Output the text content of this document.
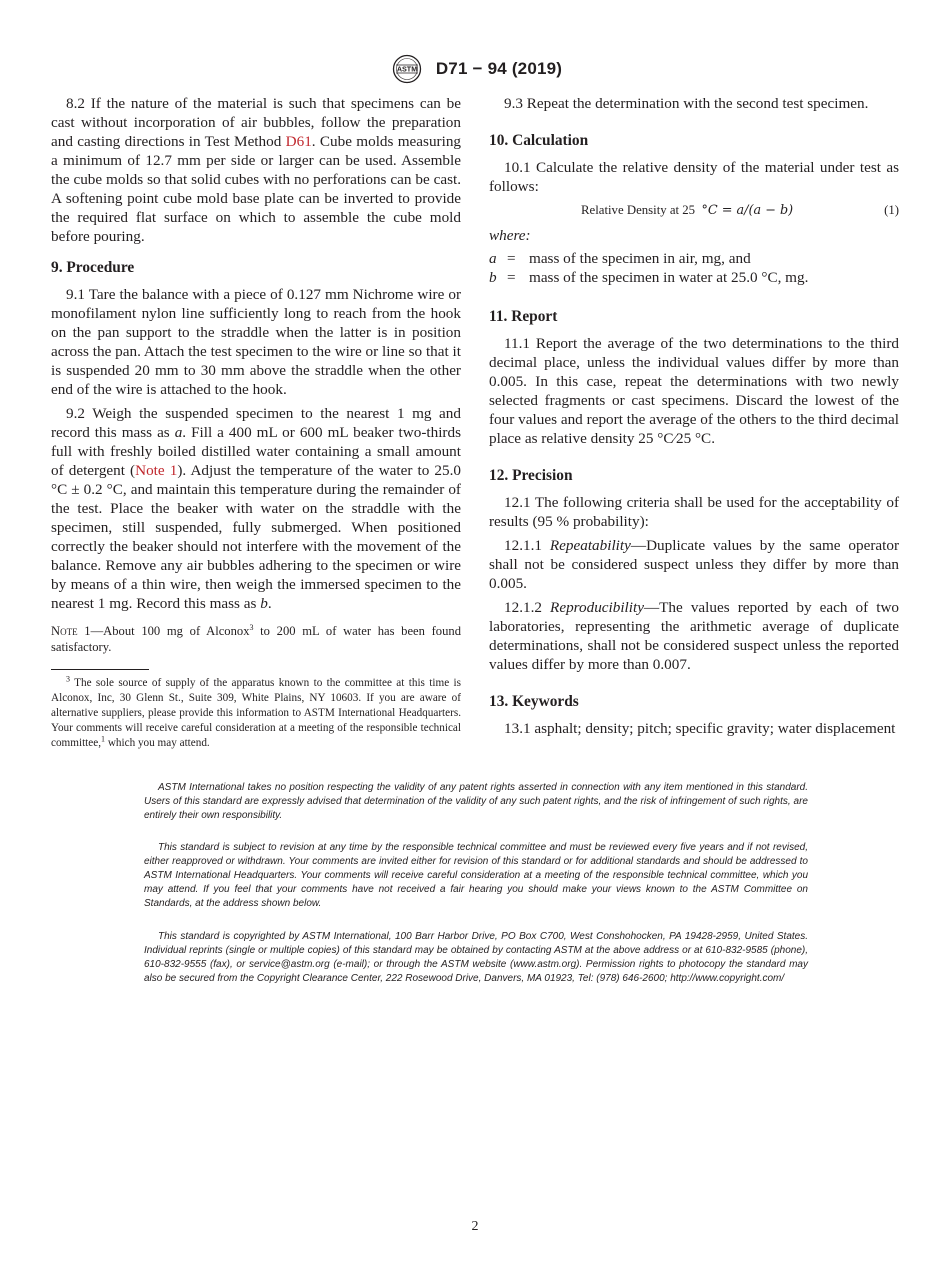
ASTM D71 − 94 (2019)

8.2 If the nature of the material is such that specimens can be cast without incorporation of air bubbles, follow the preparation and casting directions in Test Method D61. Cube molds measuring a minimum of 12.7 mm per side or larger can be used. Assemble the cube molds so that solid cubes with no perforations can be cast. A softening point cube mold base plate can be inverted to provide the required flat surface on which to assemble the cube mold before pouring.

9. Procedure

9.1 Tare the balance with a piece of 0.127 mm Nichrome wire or monofilament nylon line sufficiently long to reach from the hook on the pan support to the straddle when the latter is in position across the pan. Attach the test specimen to the wire or line so that it is suspended 20 mm to 30 mm above the straddle when the other end of the wire is attached to the hook.

9.2 Weigh the suspended specimen to the nearest 1 mg and record this mass as a. Fill a 400 mL or 600 mL beaker two-thirds full with freshly boiled distilled water containing a small amount of detergent (Note 1). Adjust the temperature of the water to 25.0 °C ± 0.2 °C, and maintain this temperature during the remainder of the test. Place the beaker with water on the straddle with the specimen, still suspended, fully submerged. When positioned correctly the beaker should not interfere with the movement of the balance. Remove any air bubbles adhering to the specimen or wire by means of a thin wire, then weigh the immersed specimen to the nearest 1 mg. Record this mass as b.

Note 1—About 100 mg of Alconox$^3$ to 200 mL of water has been found satisfactory.

$^3$ The sole source of supply of the apparatus known to the committee at this time is Alconox, Inc, 30 Glenn St., Suite 309, White Plains, NY 10603. If you are aware of alternative suppliers, please provide this information to ASTM International Headquarters. Your comments will receive careful consideration at a meeting of the responsible technical committee,$^1$ which you may attend.

9.3 Repeat the determination with the second test specimen.

10. Calculation

10.1 Calculate the relative density of the material under test as follows:

Relative Density at 25 °C = a/(a − b)	(1)

where:

a = mass of the specimen in air, mg, and
b = mass of the specimen in water at 25.0 °C, mg.

11. Report

11.1 Report the average of the two determinations to the third decimal place, unless the individual values differ by more than 0.005. In this case, repeat the determinations with two newly selected fragments or cast specimens. Discard the lowest of the four values and report the average of the others to the third decimal place as relative density 25 °C⁄25 °C.

12. Precision

12.1 The following criteria shall be used for the acceptability of results (95 % probability):

12.1.1 Repeatability—Duplicate values by the same operator shall not be considered suspect unless they differ by more than 0.005.

12.1.2 Reproducibility—The values reported by each of two laboratories, representing the arithmetic average of duplicate determinations, shall not be considered suspect unless the reported values differ by more than 0.007.

13. Keywords

13.1 asphalt; density; pitch; specific gravity; water displacement

ASTM International takes no position respecting the validity of any patent rights asserted in connection with any item mentioned in this standard. Users of this standard are expressly advised that determination of the validity of any such patent rights, and the risk of infringement of such rights, are entirely their own responsibility.

This standard is subject to revision at any time by the responsible technical committee and must be reviewed every five years and if not revised, either reapproved or withdrawn. Your comments are invited either for revision of this standard or for additional standards and should be addressed to ASTM International Headquarters. Your comments will receive careful consideration at a meeting of the responsible technical committee, which you may attend. If you feel that your comments have not received a fair hearing you should make your views known to the ASTM Committee on Standards, at the address shown below.

This standard is copyrighted by ASTM International, 100 Barr Harbor Drive, PO Box C700, West Conshohocken, PA 19428-2959, United States. Individual reprints (single or multiple copies) of this standard may be obtained by contacting ASTM at the above address or at 610-832-9585 (phone), 610-832-9555 (fax), or service@astm.org (e-mail); or through the ASTM website (www.astm.org). Permission rights to photocopy the standard may also be secured from the Copyright Clearance Center, 222 Rosewood Drive, Danvers, MA 01923, Tel: (978) 646-2600; http://www.copyright.com/

2
